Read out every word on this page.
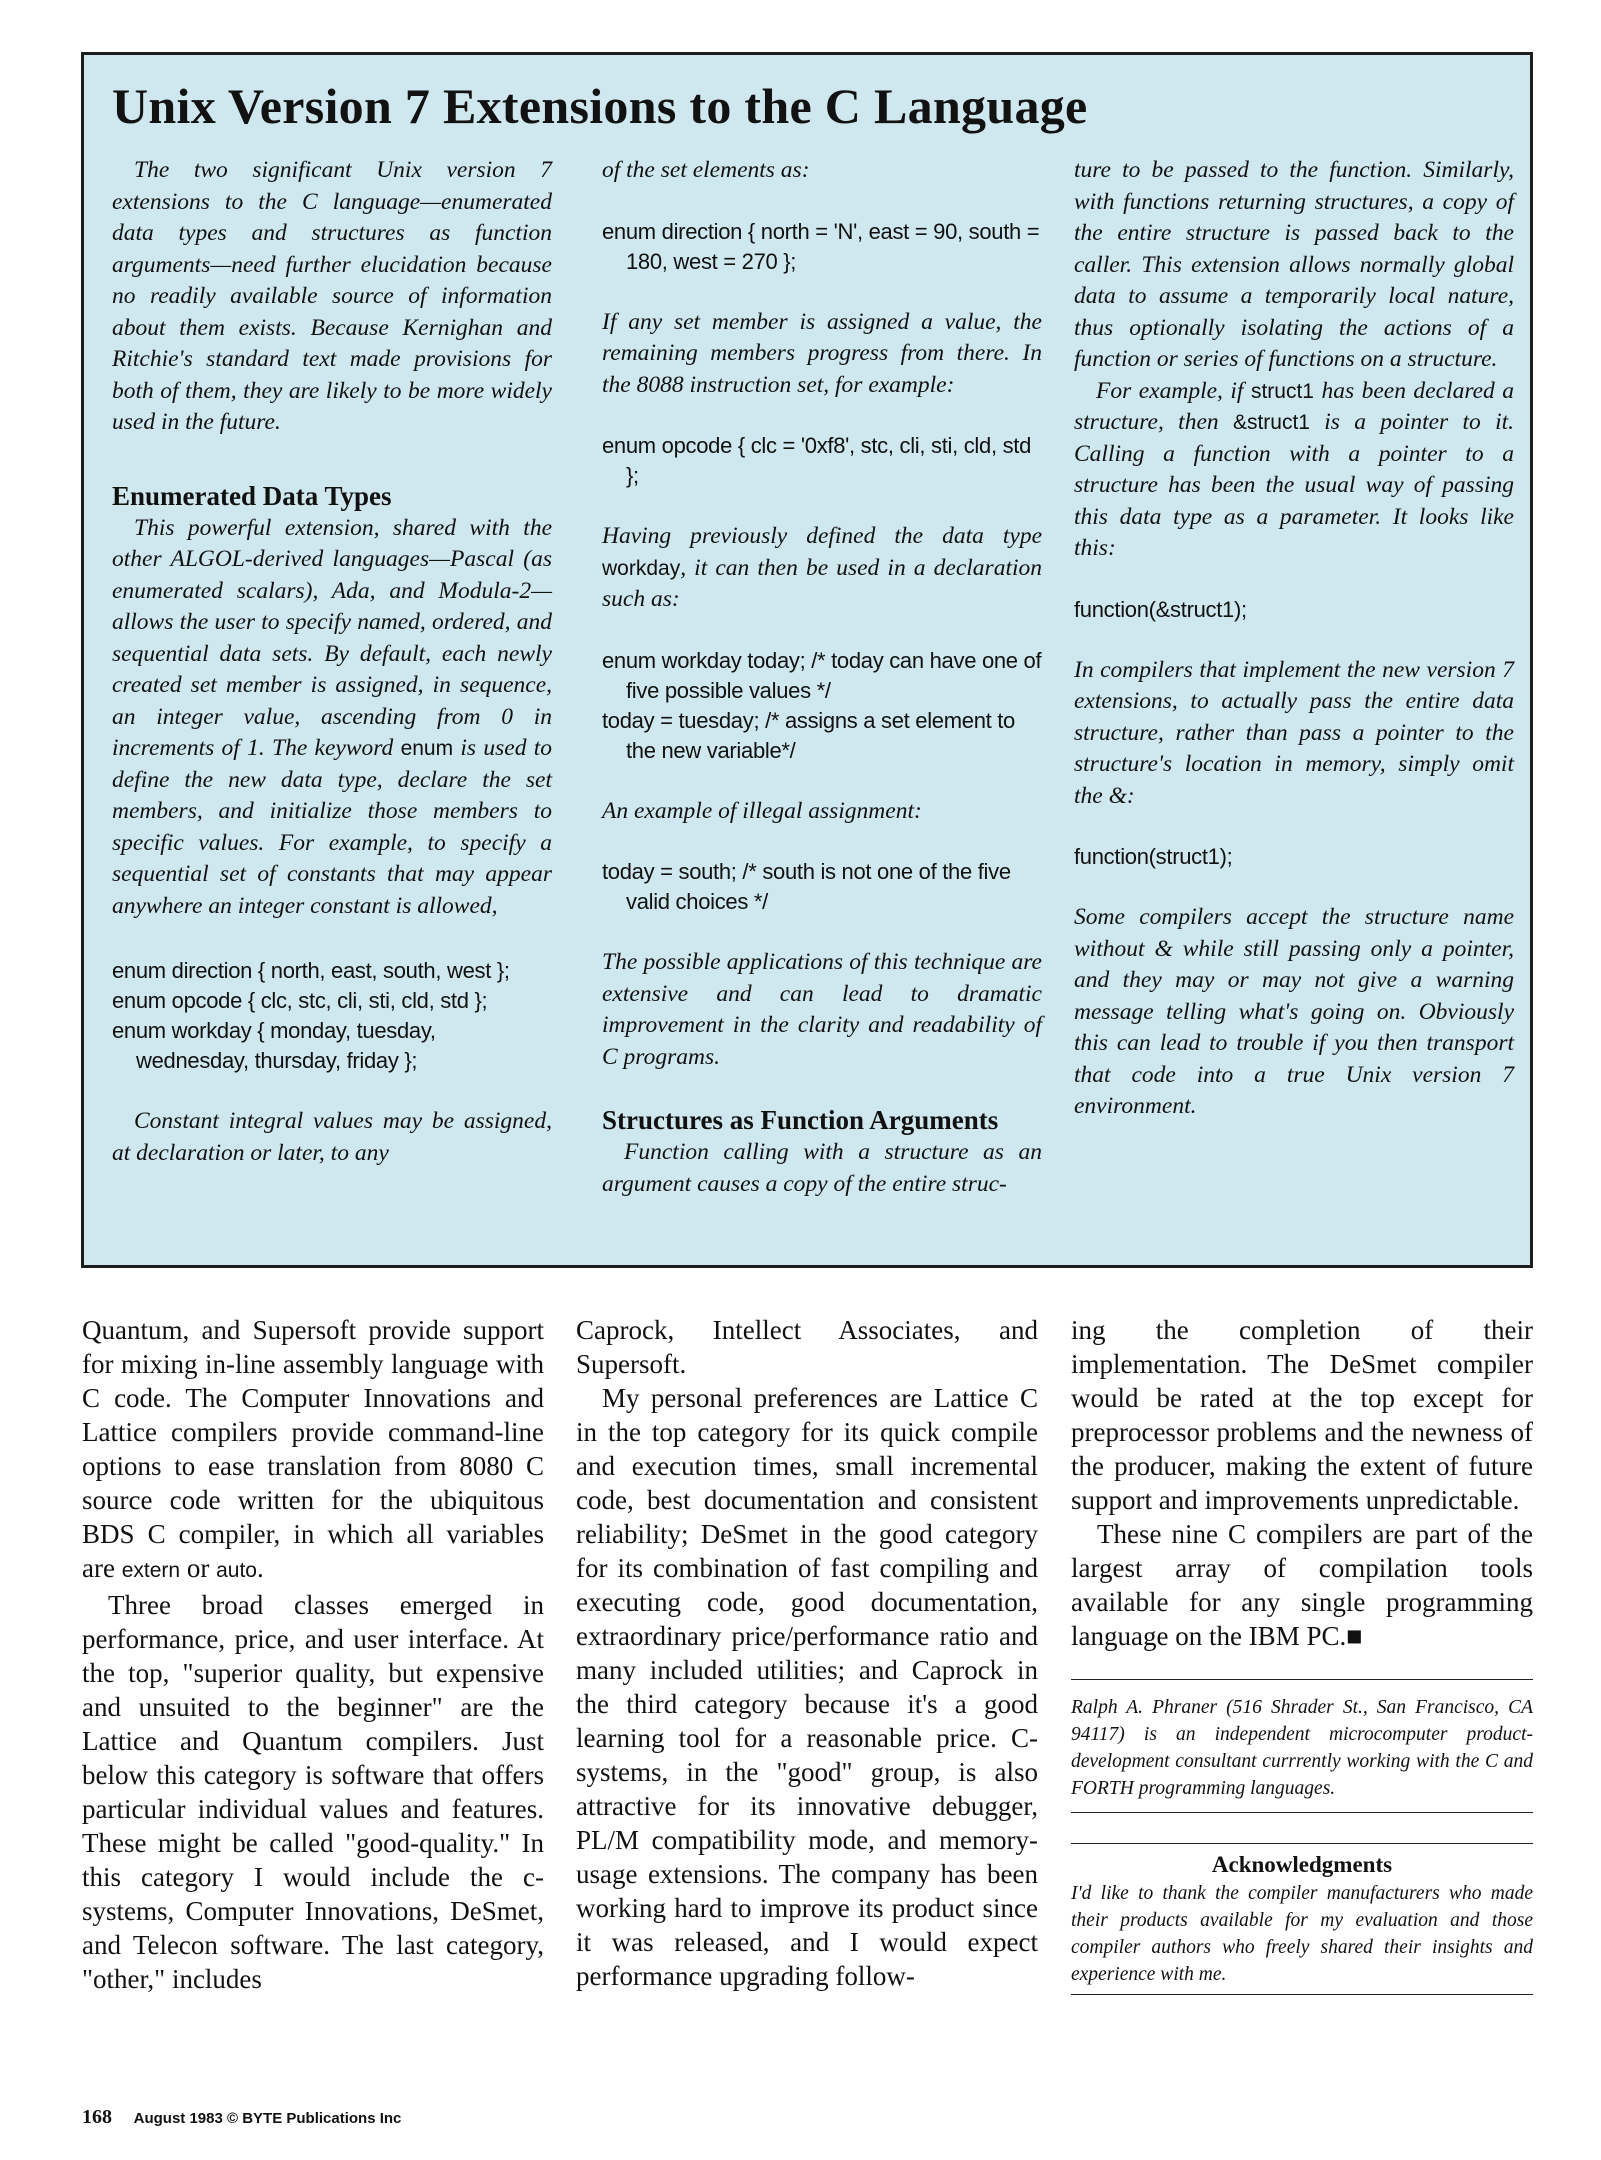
Unix Version 7 Extensions to the C Language

The two significant Unix version 7 extensions to the C language—enumerated data types and structures as function arguments—need further elucidation because no readily available source of information about them exists. Because Kernighan and Ritchie's standard text made provisions for both of them, they are likely to be more widely used in the future.

Enumerated Data Types

This powerful extension, shared with the other ALGOL-derived languages—Pascal (as enumerated scalars), Ada, and Modula-2—allows the user to specify named, ordered, and sequential data sets. By default, each newly created set member is assigned, in sequence, an integer value, ascending from 0 in increments of 1. The keyword enum is used to define the new data type, declare the set members, and initialize those members to specific values. For example, to specify a sequential set of constants that may appear anywhere an integer constant is allowed,

enum direction { north, east, south, west };
enum opcode { clc, stc, cli, sti, cld, std };
enum workday { monday, tuesday, wednesday, thursday, friday };

Constant integral values may be assigned, at declaration or later, to any

of the set elements as:

enum direction { north = 'N', east = 90, south = 180, west = 270 };

If any set member is assigned a value, the remaining members progress from there. In the 8088 instruction set, for example:

enum opcode { clc = '0xf8', stc, cli, sti, cld, std };

Having previously defined the data type workday, it can then be used in a declaration such as:

enum workday today; /* today can have one of five possible values */
today = tuesday; /* assigns a set element to the new variable*/

An example of illegal assignment:

today = south; /* south is not one of the five valid choices */

The possible applications of this technique are extensive and can lead to dramatic improvement in the clarity and readability of C programs.

Structures as Function Arguments

Function calling with a structure as an argument causes a copy of the entire struc-

ture to be passed to the function. Similarly, with functions returning structures, a copy of the entire structure is passed back to the caller. This extension allows normally global data to assume a temporarily local nature, thus optionally isolating the actions of a function or series of functions on a structure.

For example, if struct1 has been declared a structure, then &struct1 is a pointer to it. Calling a function with a pointer to a structure has been the usual way of passing this data type as a parameter. It looks like this:

function(&struct1);

In compilers that implement the new version 7 extensions, to actually pass the entire data structure, rather than pass a pointer to the structure's location in memory, simply omit the &:

function(struct1);

Some compilers accept the structure name without & while still passing only a pointer, and they may or may not give a warning message telling what's going on. Obviously this can lead to trouble if you then transport that code into a true Unix version 7 environment.

Quantum, and Supersoft provide support for mixing in-line assembly language with C code. The Computer Innovations and Lattice compilers provide command-line options to ease translation from 8080 C source code written for the ubiquitous BDS C compiler, in which all variables are extern or auto.

Three broad classes emerged in performance, price, and user interface. At the top, "superior quality, but expensive and unsuited to the beginner" are the Lattice and Quantum compilers. Just below this category is software that offers particular individual values and features. These might be called "good-quality." In this category I would include the c-systems, Computer Innovations, DeSmet, and Telecon software. The last category, "other," includes

Caprock, Intellect Associates, and Supersoft.

My personal preferences are Lattice C in the top category for its quick compile and execution times, small incremental code, best documentation and consistent reliability; DeSmet in the good category for its combination of fast compiling and executing code, good documentation, extraordinary price/performance ratio and many included utilities; and Caprock in the third category because it's a good learning tool for a reasonable price. C-systems, in the "good" group, is also attractive for its innovative debugger, PL/M compatibility mode, and memory-usage extensions. The company has been working hard to improve its product since it was released, and I would expect performance upgrading follow-

ing the completion of their implementation. The DeSmet compiler would be rated at the top except for preprocessor problems and the newness of the producer, making the extent of future support and improvements unpredictable.

These nine C compilers are part of the largest array of compilation tools available for any single programming language on the IBM PC.■

Ralph A. Phraner (516 Shrader St., San Francisco, CA 94117) is an independent microcomputer product-development consultant currrently working with the C and FORTH programming languages.

Acknowledgments

I'd like to thank the compiler manufacturers who made their products available for my evaluation and those compiler authors who freely shared their insights and experience with me.

168 August 1983 © BYTE Publications Inc
